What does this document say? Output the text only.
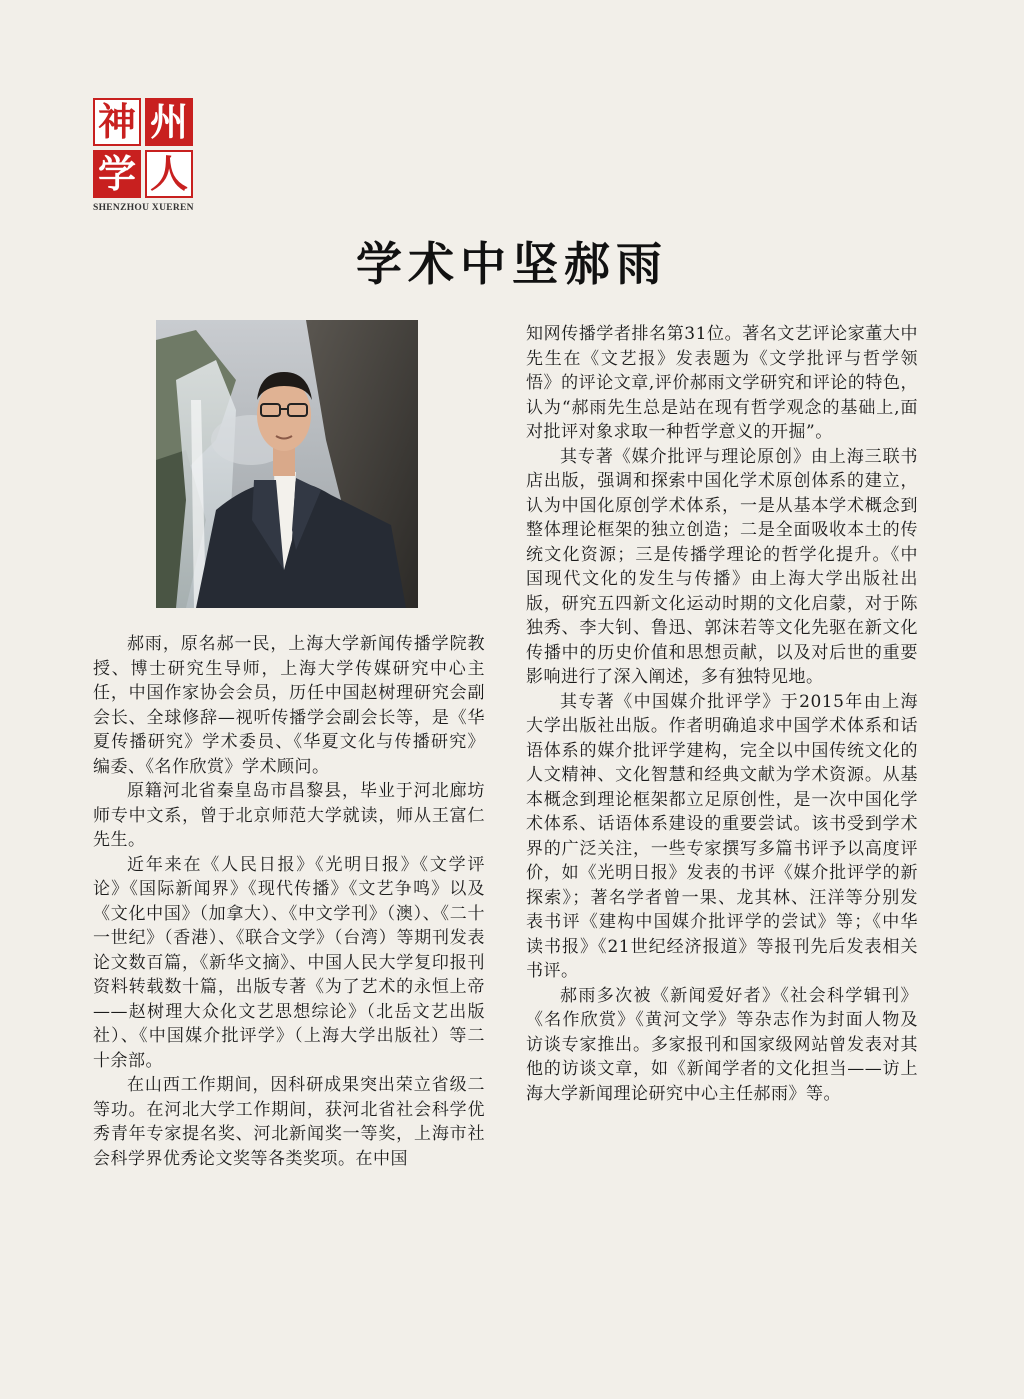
神 州
学 人
SHENZHOU XUEREN
学术中坚郝雨

郝雨，原名郝一民，上海大学新闻传播学院教授、博士研究生导师，上海大学传媒研究中心主任，中国作家协会会员，历任中国赵树理研究会副会长、全球修辞—视听传播学会副会长等，是《华夏传播研究》学术委员、《华夏文化与传播研究》编委、《名作欣赏》学术顾问。

原籍河北省秦皇岛市昌黎县，毕业于河北廊坊师专中文系，曾于北京师范大学就读，师从王富仁先生。

近年来在《人民日报》《光明日报》《文学评论》《国际新闻界》《现代传播》《文艺争鸣》以及《文化中国》（加拿大）、《中文学刊》（澳）、《二十一世纪》（香港）、《联合文学》（台湾）等期刊发表论文数百篇，《新华文摘》、中国人民大学复印报刊资料转载数十篇，出版专著《为了艺术的永恒上帝——赵树理大众化文艺思想综论》（北岳文艺出版社）、《中国媒介批评学》（上海大学出版社）等二十余部。

在山西工作期间，因科研成果突出荣立省级二等功。在河北大学工作期间，获河北省社会科学优秀青年专家提名奖、河北新闻奖一等奖，上海市社会科学界优秀论文奖等各类奖项。在中国

知网传播学者排名第31位。著名文艺评论家董大中先生在《文艺报》发表题为《文学批评与哲学领悟》的评论文章,评价郝雨文学研究和评论的特色，认为“郝雨先生总是站在现有哲学观念的基础上,面对批评对象求取一种哲学意义的开掘”。

其专著《媒介批评与理论原创》由上海三联书店出版，强调和探索中国化学术原创体系的建立，认为中国化原创学术体系，一是从基本学术概念到整体理论框架的独立创造；二是全面吸收本土的传统文化资源；三是传播学理论的哲学化提升。《中国现代文化的发生与传播》由上海大学出版社出版，研究五四新文化运动时期的文化启蒙，对于陈独秀、李大钊、鲁迅、郭沫若等文化先驱在新文化传播中的历史价值和思想贡献，以及对后世的重要影响进行了深入阐述，多有独特见地。

其专著《中国媒介批评学》于2015年由上海大学出版社出版。作者明确追求中国学术体系和话语体系的媒介批评学建构，完全以中国传统文化的人文精神、文化智慧和经典文献为学术资源。从基本概念到理论框架都立足原创性，是一次中国化学术体系、话语体系建设的重要尝试。该书受到学术界的广泛关注，一些专家撰写多篇书评予以高度评价，如《光明日报》发表的书评《媒介批评学的新探索》；著名学者曾一果、龙其林、汪洋等分别发表书评《建构中国媒介批评学的尝试》等；《中华读书报》《21世纪经济报道》等报刊先后发表相关书评。

郝雨多次被《新闻爱好者》《社会科学辑刊》《名作欣赏》《黄河文学》等杂志作为封面人物及访谈专家推出。多家报刊和国家级网站曾发表对其他的访谈文章，如《新闻学者的文化担当——访上海大学新闻理论研究中心主任郝雨》等。
